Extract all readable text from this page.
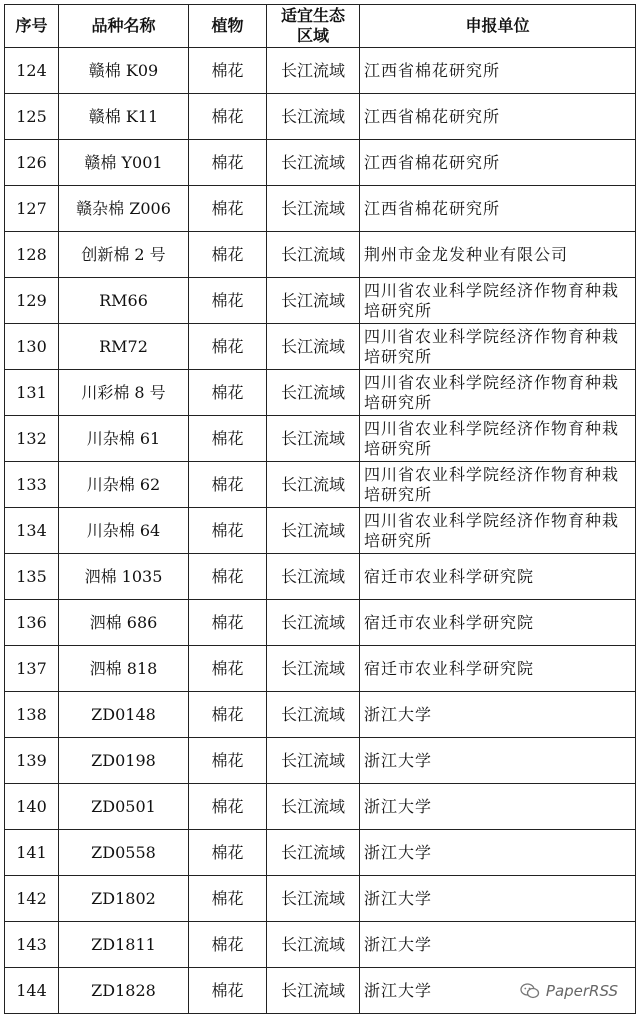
序号	品种名称	植物	适宜生态区域	申报单位
124	赣棉 K09	棉花	长江流域	江西省棉花研究所
125	赣棉 K11	棉花	长江流域	江西省棉花研究所
126	赣棉 Y001	棉花	长江流域	江西省棉花研究所
127	赣杂棉 Z006	棉花	长江流域	江西省棉花研究所
128	创新棉 2 号	棉花	长江流域	荆州市金龙发种业有限公司
129	RM66	棉花	长江流域	四川省农业科学院经济作物育种栽培研究所
130	RM72	棉花	长江流域	四川省农业科学院经济作物育种栽培研究所
131	川彩棉 8 号	棉花	长江流域	四川省农业科学院经济作物育种栽培研究所
132	川杂棉 61	棉花	长江流域	四川省农业科学院经济作物育种栽培研究所
133	川杂棉 62	棉花	长江流域	四川省农业科学院经济作物育种栽培研究所
134	川杂棉 64	棉花	长江流域	四川省农业科学院经济作物育种栽培研究所
135	泗棉 1035	棉花	长江流域	宿迁市农业科学研究院
136	泗棉 686	棉花	长江流域	宿迁市农业科学研究院
137	泗棉 818	棉花	长江流域	宿迁市农业科学研究院
138	ZD0148	棉花	长江流域	浙江大学
139	ZD0198	棉花	长江流域	浙江大学
140	ZD0501	棉花	长江流域	浙江大学
141	ZD0558	棉花	长江流域	浙江大学
142	ZD1802	棉花	长江流域	浙江大学
143	ZD1811	棉花	长江流域	浙江大学
144	ZD1828	棉花	长江流域	浙江大学	PaperRSS
